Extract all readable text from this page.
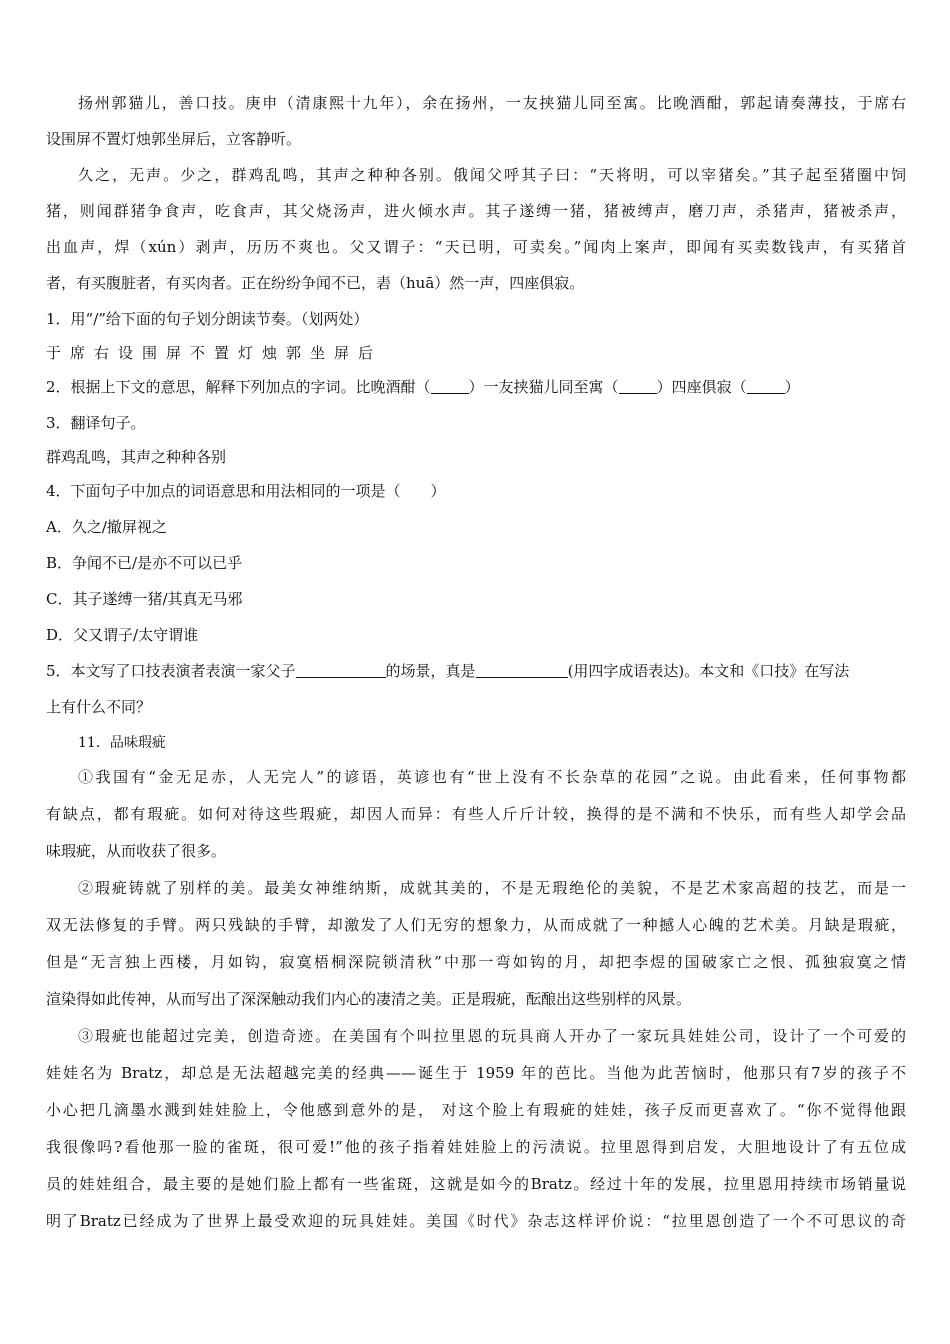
扬州郭猫儿，善口技。庚申（清康熙十九年），余在扬州，一友挟猫儿同至寓。比晚酒酣，郭起请奏薄技，于席右
设围屏不置灯烛郭坐屏后，立客静听。
久之，无声。少之，群鸡乱鸣，其声之种种各别。俄闻父呼其子曰：“天将明，可以宰猪矣。”其子起至猪圈中饲
猪，则闻群猪争食声，吃食声，其父烧汤声，进火倾水声。其子遂缚一猪，猪被缚声，磨刀声，杀猪声，猪被杀声，
出血声，焊（xún）剥声，历历不爽也。父又谓子：“天已明，可卖矣。”闻肉上案声，即闻有买卖数钱声，有买猪首
者，有买腹脏者，有买肉者。正在纷纷争闻不已，砉（huā）然一声，四座俱寂。
1．用“/”给下面的句子划分朗读节奏。（划两处）
于席右设围屏不置灯烛郭坐屏后
2．根据上下文的意思，解释下列加点的字词。比晚酒酣（	）一友挟猫儿同至寓（	）四座俱寂（	）
3．翻译句子。
群鸡乱鸣，其声之种种各别
4．下面句子中加点的词语意思和用法相同的一项是（　　）
A．久之/撤屏视之
B．争闻不已/是亦不可以已乎
C．其子遂缚一猪/其真无马邪
D．父又谓子/太守谓谁
5．本文写了口技表演者表演一家父子	的场景，真是	(用四字成语表达)。本文和《口技》在写法
上有什么不同？
11．品味瑕疵
①我国有“金无足赤，人无完人”的谚语，英谚也有“世上没有不长杂草的花园”之说。由此看来，任何事物都
有缺点，都有瑕疵。如何对待这些瑕疵，却因人而异：有些人斤斤计较，换得的是不满和不快乐，而有些人却学会品
味瑕疵，从而收获了很多。
②瑕疵铸就了别样的美。最美女神维纳斯，成就其美的，不是无瑕绝伦的美貌，不是艺术家高超的技艺，而是一
双无法修复的手臂。两只残缺的手臂，却激发了人们无穷的想象力，从而成就了一种撼人心魄的艺术美。月缺是瑕疵，
但是“无言独上西楼，月如钩，寂寞梧桐深院锁清秋”中那一弯如钩的月，却把李煜的国破家亡之恨、孤独寂寞之情
渲染得如此传神，从而写出了深深触动我们内心的凄清之美。正是瑕疵，酝酿出这些别样的风景。
③瑕疵也能超过完美，创造奇迹。在美国有个叫拉里恩的玩具商人开办了一家玩具娃娃公司，设计了一个可爱的
娃娃名为 Bratz，却总是无法超越完美的经典——诞生于 1959 年的芭比。当他为此苦恼时，他那只有7岁的孩子不
小心把几滴墨水溅到娃娃脸上，令他感到意外的是， 对这个脸上有瑕疵的娃娃，孩子反而更喜欢了。“你不觉得他跟
我很像吗?看他那一脸的雀斑，很可爱!”他的孩子指着娃娃脸上的污渍说。拉里恩得到启发，大胆地设计了有五位成
员的娃娃组合，最主要的是她们脸上都有一些雀斑，这就是如今的Bratz。经过十年的发展，拉里恩用持续市场销量说
明了Bratz已经成为了世界上最受欢迎的玩具娃娃。美国《时代》杂志这样评价说：“拉里恩创造了一个不可思议的奇
